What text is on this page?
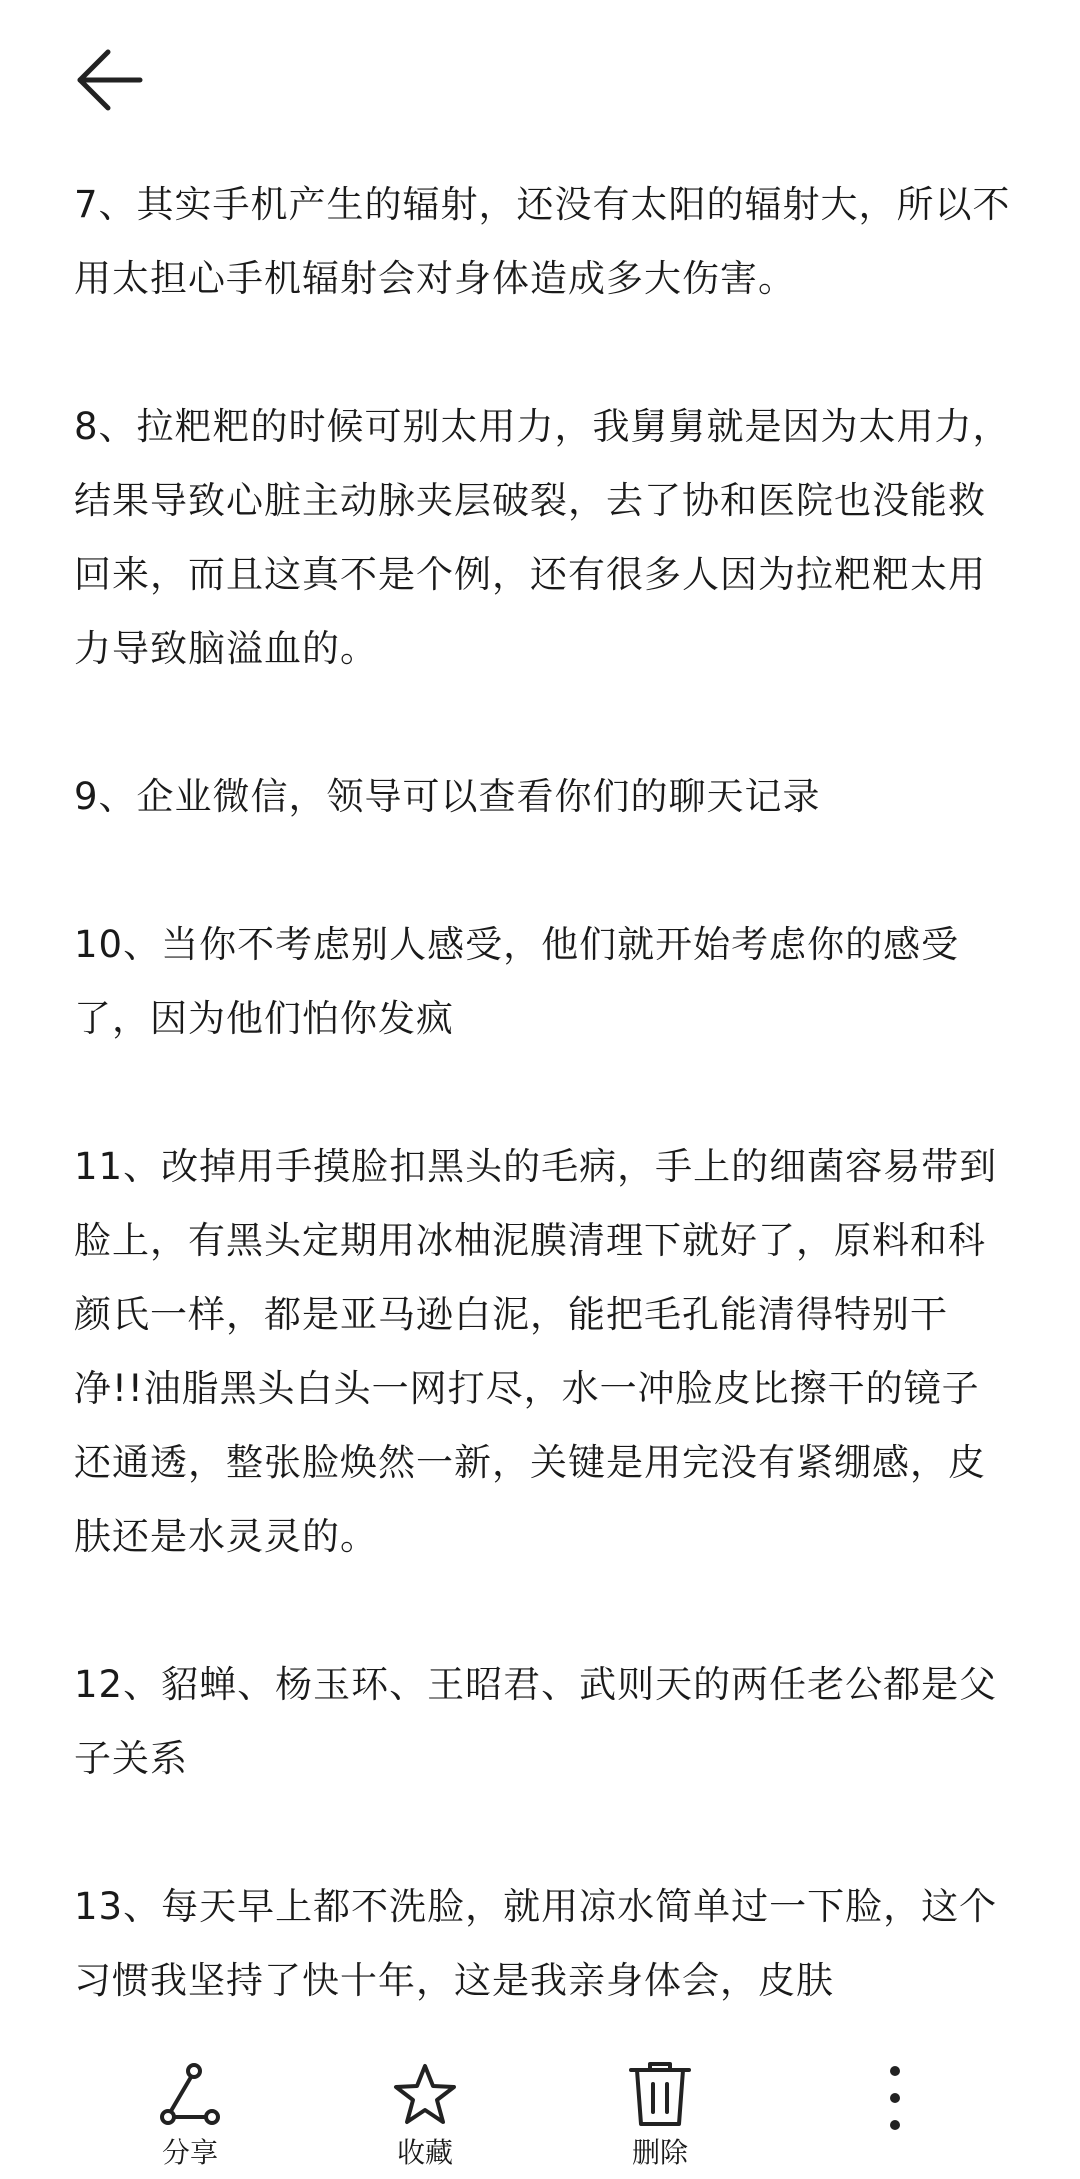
7、其实手机产生的辐射，还没有太阳的辐射大，所以不用太担心手机辐射会对身体造成多大伤害。

8、拉粑粑的时候可别太用力，我舅舅就是因为太用力，结果导致心脏主动脉夹层破裂，去了协和医院也没能救回来，而且这真不是个例，还有很多人因为拉粑粑太用力导致脑溢血的。

9、企业微信，领导可以查看你们的聊天记录

10、当你不考虑别人感受，他们就开始考虑你的感受了，因为他们怕你发疯

11、改掉用手摸脸扣黑头的毛病，手上的细菌容易带到脸上，有黑头定期用冰柚泥膜清理下就好了，原料和科颜氏一样，都是亚马逊白泥，能把毛孔能清得特别干净!!油脂黑头白头一网打尽，水一冲脸皮比擦干的镜子还通透，整张脸焕然一新，关键是用完没有紧绷感，皮肤还是水灵灵的。

12、貂蝉、杨玉环、王昭君、武则天的两任老公都是父子关系

13、每天早上都不洗脸，就用凉水简单过一下脸，这个习惯我坚持了快十年，这是我亲身体会，皮肤

分享	收藏	删除
